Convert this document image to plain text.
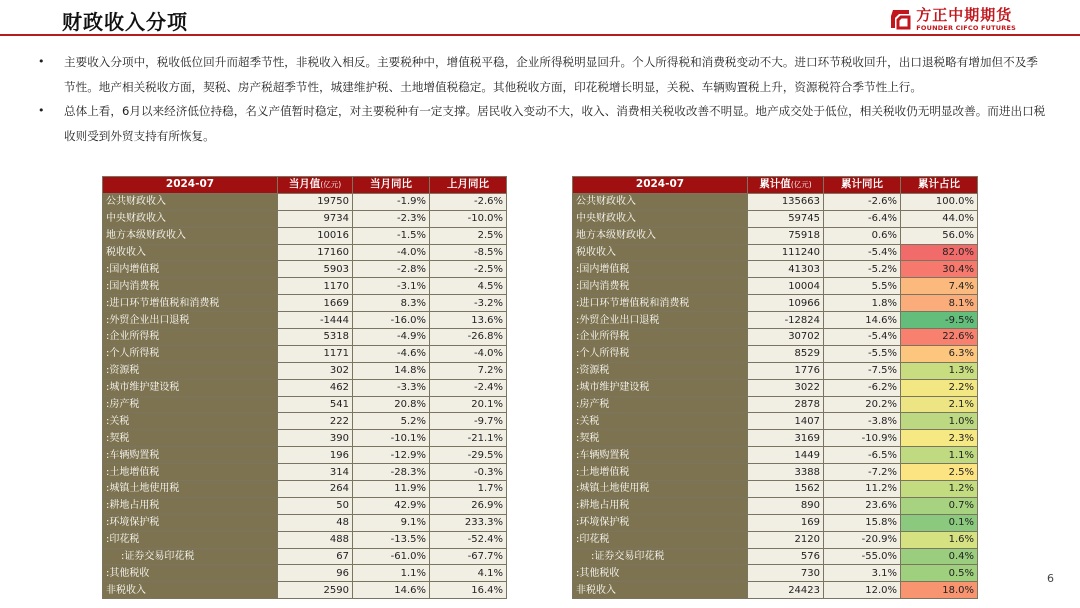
财政收入分项	方正中期期货
FOUNDER CIFCO FUTURES
• 主要收入分项中，税收低位回升而超季节性，非税收入相反。主要税种中，增值税平稳，企业所得税明显回升。个人所得税和消费税变动不大。进口环节税收回升，出口退税略有增加但不及季节性。地产相关税收方面，契税、房产税超季节性，城建维护税、土地增值税稳定。其他税收方面，印花税增长明显，关税、车辆购置税上升，资源税符合季节性上行。
• 总体上看，6月以来经济低位持稳，名义产值暂时稳定，对主要税种有一定支撑。居民收入变动不大，收入、消费相关税收改善不明显。地产成交处于低位，相关税收仍无明显改善。而进出口税收则受到外贸支持有所恢复。
2024-07	当月值(亿元)	当月同比	上月同比
公共财政收入	19750	-1.9%	-2.6%
中央财政收入	9734	-2.3%	-10.0%
地方本级财政收入	10016	-1.5%	2.5%
税收收入	17160	-4.0%	-8.5%
:国内增值税	5903	-2.8%	-2.5%
:国内消费税	1170	-3.1%	4.5%
:进口环节增值税和消费税	1669	8.3%	-3.2%
:外贸企业出口退税	-1444	-16.0%	13.6%
:企业所得税	5318	-4.9%	-26.8%
:个人所得税	1171	-4.6%	-4.0%
:资源税	302	14.8%	7.2%
:城市维护建设税	462	-3.3%	-2.4%
:房产税	541	20.8%	20.1%
:关税	222	5.2%	-9.7%
:契税	390	-10.1%	-21.1%
:车辆购置税	196	-12.9%	-29.5%
:土地增值税	314	-28.3%	-0.3%
:城镇土地使用税	264	11.9%	1.7%
:耕地占用税	50	42.9%	26.9%
:环境保护税	48	9.1%	233.3%
:印花税	488	-13.5%	-52.4%
:证券交易印花税	67	-61.0%	-67.7%
:其他税收	96	1.1%	4.1%
非税收入	2590	14.6%	16.4%
2024-07	累计值(亿元)	累计同比	累计占比
公共财政收入	135663	-2.6%	100.0%
中央财政收入	59745	-6.4%	44.0%
地方本级财政收入	75918	0.6%	56.0%
税收收入	111240	-5.4%	82.0%
:国内增值税	41303	-5.2%	30.4%
:国内消费税	10004	5.5%	7.4%
:进口环节增值税和消费税	10966	1.8%	8.1%
:外贸企业出口退税	-12824	14.6%	-9.5%
:企业所得税	30702	-5.4%	22.6%
:个人所得税	8529	-5.5%	6.3%
:资源税	1776	-7.5%	1.3%
:城市维护建设税	3022	-6.2%	2.2%
:房产税	2878	20.2%	2.1%
:关税	1407	-3.8%	1.0%
:契税	3169	-10.9%	2.3%
:车辆购置税	1449	-6.5%	1.1%
:土地增值税	3388	-7.2%	2.5%
:城镇土地使用税	1562	11.2%	1.2%
:耕地占用税	890	23.6%	0.7%
:环境保护税	169	15.8%	0.1%
:印花税	2120	-20.9%	1.6%
:证券交易印花税	576	-55.0%	0.4%
:其他税收	730	3.1%	0.5%
非税收入	24423	12.0%	18.0%
6
